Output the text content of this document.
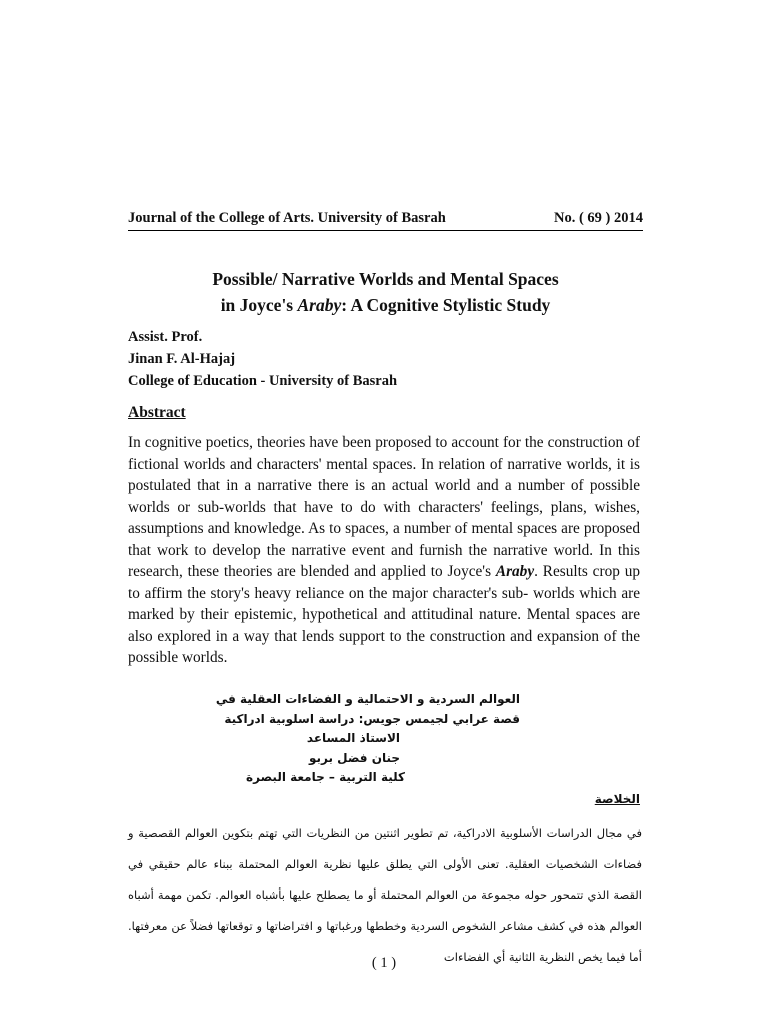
Journal of the College of Arts. University of Basrah	No. ( 69 ) 2014
Possible/ Narrative Worlds and Mental Spaces
in Joyce's Araby: A Cognitive Stylistic Study
Assist. Prof.
Jinan F. Al-Hajaj
College of Education - University of Basrah
Abstract
In cognitive poetics, theories have been proposed to account for the construction of fictional worlds and characters' mental spaces. In relation of narrative worlds, it is postulated that in a narrative there is an actual world and a number of possible worlds or sub-worlds that have to do with characters' feelings, plans, wishes, assumptions and knowledge. As to spaces, a number of mental spaces are proposed that work to develop the narrative event and furnish the narrative world. In this research, these theories are blended and applied to Joyce's Araby. Results crop up to affirm the story's heavy reliance on the major character's sub- worlds which are marked by their epistemic, hypothetical and attitudinal nature. Mental spaces are also explored in a way that lends support to the construction and expansion of the possible worlds.
العوالم السردية و الاحتمالية و الفضاءات العقلية في
قصة عرابي لجيمس جويس: دراسة اسلوبية ادراكية
الاستاذ المساعد
جنان فضل بربو
كلية التربية – جامعة البصرة
الخلاصة
في مجال الدراسات الأسلوبية الادراكية، تم تطوير اثنتين من النظريات التي تهتم بتكوين العوالم القصصية و فضاءات الشخصيات العقلية. تعنى الأولى التي يطلق عليها نظرية العوالم المحتملة ببناء عالم حقيقي في القصة الذي تتمحور حوله مجموعة من العوالم المحتملة أو ما يصطلح عليها بأشباه العوالم. تكمن مهمة أشباه العوالم هذه في كشف مشاعر الشخوص السردية وخططها ورغباتها و افتراضاتها و توقعاتها فضلاً عن معرفتها. أما فيما يخص النظرية الثانية أي الفضاءات
( 1 )
